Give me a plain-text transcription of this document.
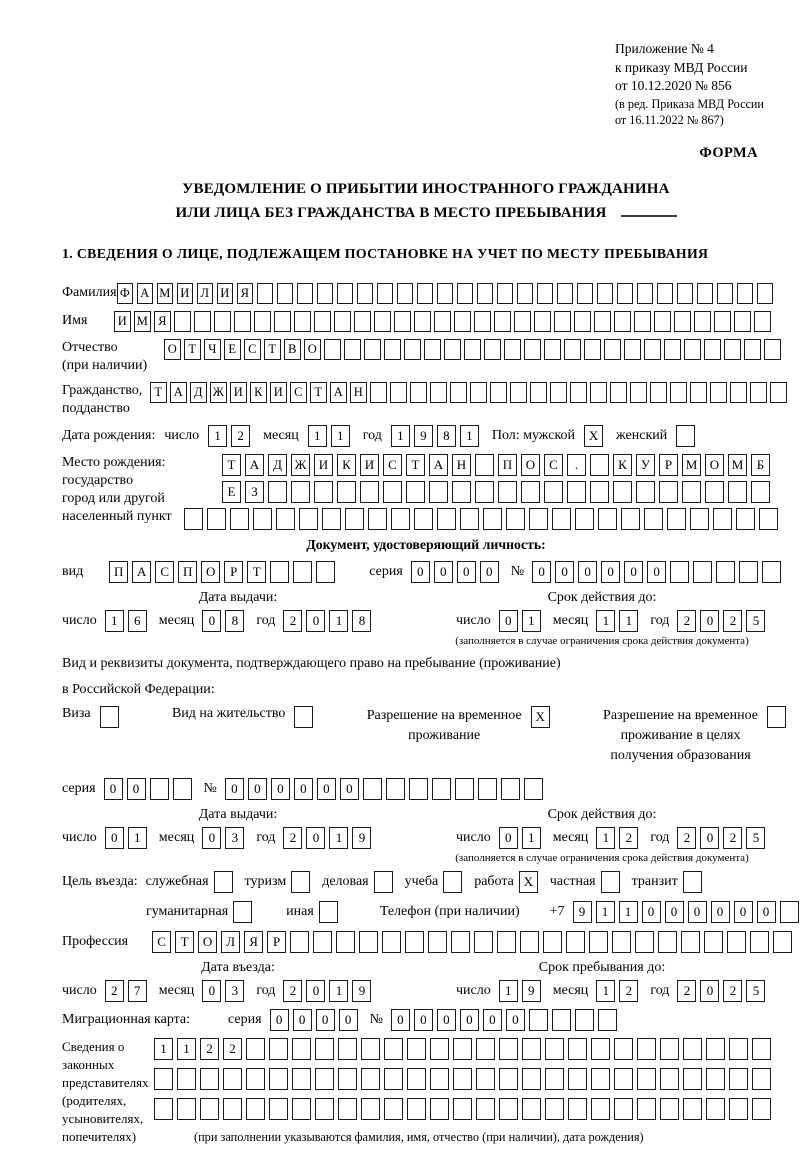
Приложение № 4
к приказу МВД России
от 10.12.2020 № 856
(в ред. Приказа МВД России
от 16.11.2022 № 867)
ФОРМА
УВЕДОМЛЕНИЕ О ПРИБЫТИИ ИНОСТРАННОГО ГРАЖДАНИНА
ИЛИ ЛИЦА БЕЗ ГРАЖДАНСТВА В МЕСТО ПРЕБЫВАНИЯ
1. СВЕДЕНИЯ О ЛИЦЕ, ПОДЛЕЖАЩЕМ ПОСТАНОВКЕ НА УЧЕТ ПО МЕСТУ ПРЕБЫВАНИЯ
Фамилия Ф А М И Л И Я
Имя	И М Я
Отчество
(при наличии)
О Т Ч Е С Т В О
Гражданство,
подданство
Т А Д Ж И К И С Т А Н
Дата рождения: число	1 2	месяц	1 1	год	1 9 8 1	Пол: мужской	X	женский
Место рождения:
государство
город или другой
населенный пункт
Т А Д Ж И К И С Т А Н	П О С .	К У Р М О М Б
Е З
Документ, удостоверяющий личность:
вид	П А С П О Р Т	серия	0 0 0 0	№	0 0 0 0 0 0
Дата выдачи:
число	1 6	месяц	0 8	год	2 0 1 8
Срок действия до:
число	0 1	месяц	1 1	год	2 0 2 5
(заполняется в случае ограничения срока действия документа)
Вид и реквизиты документа, подтверждающего право на пребывание (проживание)
в Российской Федерации:
Виза	Вид на жительство	Разрешение на временное
проживание
X	Разрешение на временное
проживание в целях
получения образования
серия	0 0	№	0 0 0 0 0 0
Дата выдачи:
число	0 1	месяц	0 3	год	2 0 1 9
Срок действия до:
число	0 1	месяц	1 2	год	2 0 2 5
(заполняется в случае ограничения срока действия документа)
Цель въезда: служебная	туризм	деловая	учеба	работа X	частная	транзит
гуманитарная	иная	Телефон (при наличии) +7	9 1 1 0 0 0 0 0 0
Профессия	С Т О Л Я Р
Дата въезда:
число	2 7	месяц	0 3	год	2 0 1 9
Срок пребывания до:
число	1 9	месяц	1 2	год	2 0 2 5
Миграционная карта:	серия	0 0 0 0	№	0 0 0 0 0 0
Сведения о
законных
представителях
(родителях,
усыновителях,
попечителях)
1 1 2 2
(при заполнении указываются фамилия, имя, отчество (при наличии), дата рождения)
